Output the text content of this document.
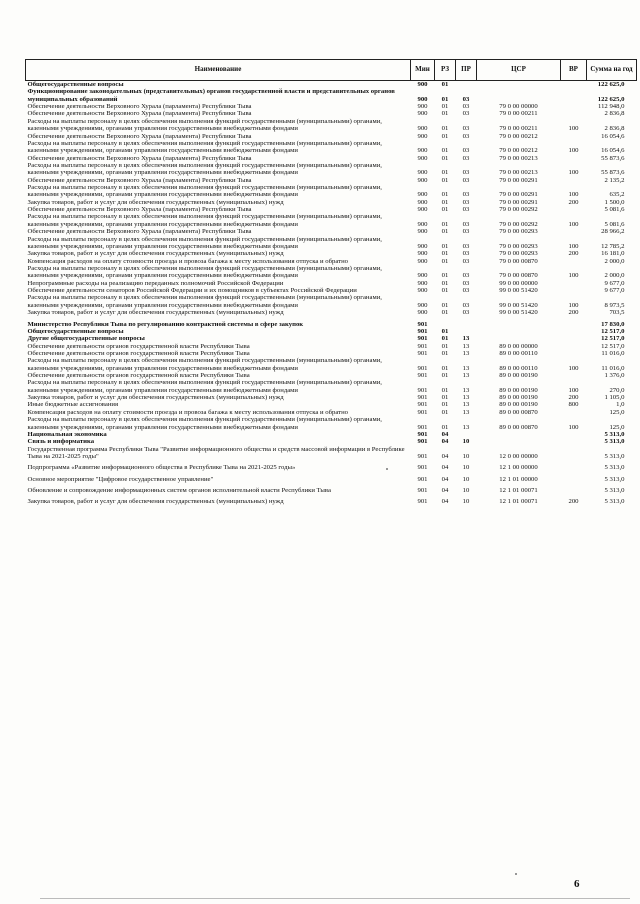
Наименование	Мин	РЗ	ПР	ЦСР	ВР	Сумма на год
Общегосударственные вопросы	900	01				122 625,0
Функционирование законодательных (представительных) органов государственной власти и представительных органов муниципальных образований	900	01	03			122 625,0
Обеспечение деятельности Верховного Хурала (парламента) Республики Тыва	900	01	03	79 0 00 00000		112 948,0
Обеспечение деятельности Верховного Хурала (парламента) Республики Тыва	900	01	03	79 0 00 00211		2 836,8
Расходы на выплаты персоналу в целях обеспечения выполнения функций государственными (муниципальными) органами, казенными учреждениями, органами управления государственными внебюджетными фондами	900	01	03	79 0 00 00211	100	2 836,8
Обеспечение деятельности Верховного Хурала (парламента) Республики Тыва	900	01	03	79 0 00 00212		16 054,6
Расходы на выплаты персоналу в целях обеспечения выполнения функций государственными (муниципальными) органами, казенными учреждениями, органами управления государственными внебюджетными фондами	900	01	03	79 0 00 00212	100	16 054,6
Обеспечение деятельности Верховного Хурала (парламента) Республики Тыва	900	01	03	79 0 00 00213		55 873,6
Расходы на выплаты персоналу в целях обеспечения выполнения функций государственными (муниципальными) органами, казенными учреждениями, органами управления государственными внебюджетными фондами	900	01	03	79 0 00 00213	100	55 873,6
Обеспечение деятельности Верховного Хурала (парламента) Республики Тыва	900	01	03	79 0 00 00291		2 135,2
Расходы на выплаты персоналу в целях обеспечения выполнения функций государственными (муниципальными) органами, казенными учреждениями, органами управления государственными внебюджетными фондами	900	01	03	79 0 00 00291	100	635,2
Закупка товаров, работ и услуг для обеспечения государственных (муниципальных) нужд	900	01	03	79 0 00 00291	200	1 500,0
Обеспечение деятельности Верховного Хурала (парламента) Республики Тыва	900	01	03	79 0 00 00292		5 081,6
Расходы на выплаты персоналу в целях обеспечения выполнения функций государственными (муниципальными) органами, казенными учреждениями, органами управления государственными внебюджетными фондами	900	01	03	79 0 00 00292	100	5 081,6
Обеспечение деятельности Верховного Хурала (парламента) Республики Тыва	900	01	03	79 0 00 00293		28 966,2
Расходы на выплаты персоналу в целях обеспечения выполнения функций государственными (муниципальными) органами, казенными учреждениями, органами управления государственными внебюджетными фондами	900	01	03	79 0 00 00293	100	12 785,2
Закупка товаров, работ и услуг для обеспечения государственных (муниципальных) нужд	900	01	03	79 0 00 00293	200	16 181,0
Компенсация расходов на оплату стоимости проезда и провоза багажа к месту использования отпуска и обратно	900	01	03	79 0 00 00870		2 000,0
Расходы на выплаты персоналу в целях обеспечения выполнения функций государственными (муниципальными) органами, казенными учреждениями, органами управления государственными внебюджетными фондами	900	01	03	79 0 00 00870	100	2 000,0
Непрограммные расходы на реализацию переданных полномочий Российской Федерации	900	01	03	99 0 00 00000		9 677,0
Обеспечение деятельности сенаторов Российской Федерации и их помощников в субъектах Российской Федерации	900	01	03	99 0 00 51420		9 677,0
Расходы на выплаты персоналу в целях обеспечения выполнения функций государственными (муниципальными) органами, казенными учреждениями, органами управления государственными внебюджетными фондами	900	01	03	99 0 00 51420	100	8 973,5
Закупка товаров, работ и услуг для обеспечения государственных (муниципальных) нужд	900	01	03	99 0 00 51420	200	703,5
Министерство Республики Тыва по регулированию контрактной системы в сфере закупок	901					17 830,0
Общегосударственные вопросы	901	01				12 517,0
Другие общегосударственные вопросы	901	01	13			12 517,0
Обеспечение деятельности органов государственной власти Республики Тыва	901	01	13	89 0 00 00000		12 517,0
Обеспечение деятельности органов государственной власти Республики Тыва	901	01	13	89 0 00 00110		11 016,0
Расходы на выплаты персоналу в целях обеспечения выполнения функций государственными (муниципальными) органами, казенными учреждениями, органами управления государственными внебюджетными фондами	901	01	13	89 0 00 00110	100	11 016,0
Обеспечение деятельности органов государственной власти Республики Тыва	901	01	13	89 0 00 00190		1 376,0
Расходы на выплаты персоналу в целях обеспечения выполнения функций государственными (муниципальными) органами, казенными учреждениями, органами управления государственными внебюджетными фондами	901	01	13	89 0 00 00190	100	270,0
Закупка товаров, работ и услуг для обеспечения государственных (муниципальных) нужд	901	01	13	89 0 00 00190	200	1 105,0
Иные бюджетные ассигнования	901	01	13	89 0 00 00190	800	1,0
Компенсация расходов на оплату стоимости проезда и провоза багажа к месту использования отпуска и обратно	901	01	13	89 0 00 00870		125,0
Расходы на выплаты персоналу в целях обеспечения выполнения функций государственными (муниципальными) органами, казенными учреждениями, органами управления государственными внебюджетными фондами	901	01	13	89 0 00 00870	100	125,0
Национальная экономика	901	04				5 313,0
Связь и информатика	901	04	10			5 313,0
Государственная программа Республики Тыва "Развитие информационного общества и средств массовой информации в Республике Тыва на 2021-2025 годы"	901	04	10	12 0 00 00000		5 313,0
Подпрограмма «Развитие информационного общества в Республике Тыва на 2021-2025 годы»	901	04	10	12 1 00 00000		5 313,0
Основное мероприятие "Цифровое государственное управление"	901	04	10	12 1 01 00000		5 313,0
Обновление и сопровождение информационных систем органов исполнительной власти Республики Тыва	901	04	10	12 1 01 00071		5 313,0
Закупка товаров, работ и услуг для обеспечения государственных (муниципальных) нужд	901	04	10	12 1 01 00071	200	5 313,0
6
